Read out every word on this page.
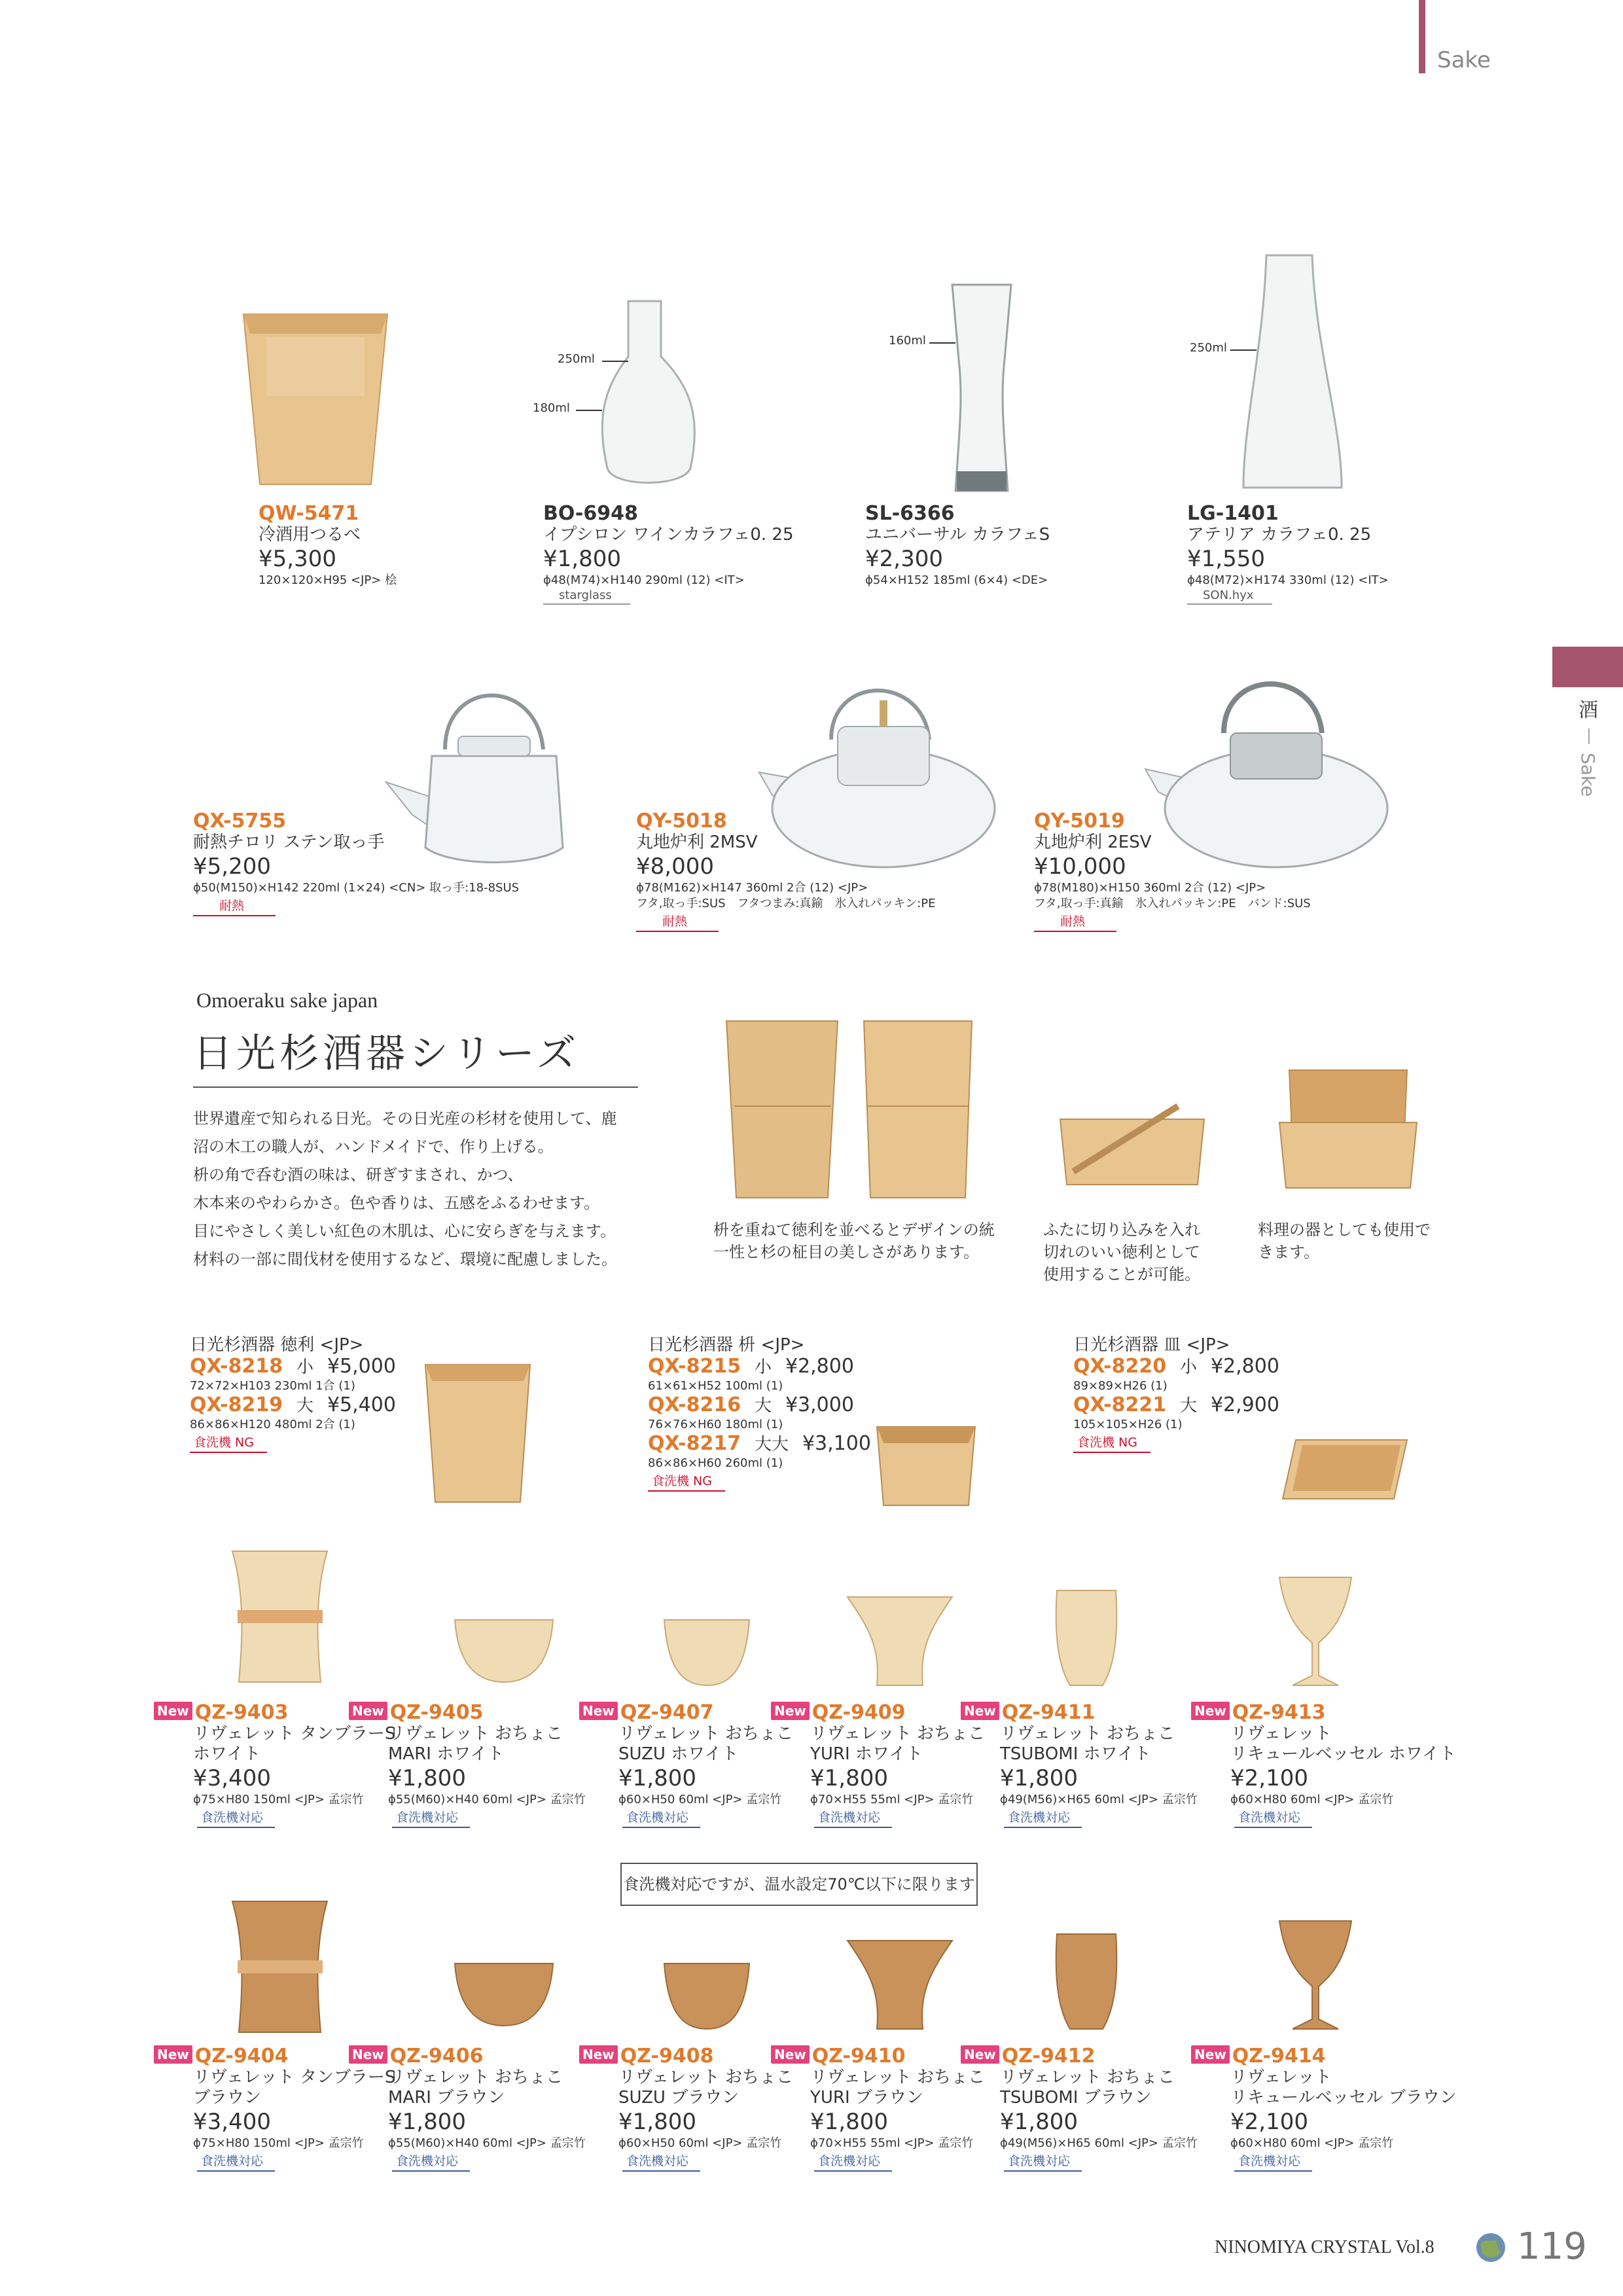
Sake
酒
—
Sake
250ml
180ml
160ml
250ml
QW-5471
冷酒用つるべ
¥5,300
120×120×H95 <JP> 桧
BO-6948
イプシロン ワインカラフェ0. 25
¥1,800
ϕ48(M74)×H140 290ml (12) <IT>
starglass
SL-6366
ユニバーサル カラフェS
¥2,300
ϕ54×H152 185ml (6×4) <DE>
LG-1401
アテリア カラフェ0. 25
¥1,550
ϕ48(M72)×H174 330ml (12) <IT>
SON.hyx
QX-5755
耐熱チロリ ステン取っ手
¥5,200
ϕ50(M150)×H142 220ml (1×24) <CN> 取っ手:18-8SUS
耐熱
QY-5018
丸地炉利 2MSV
¥8,000
ϕ78(M162)×H147 360ml 2合 (12) <JP>
フタ,取っ手:SUS　フタつまみ:真鍮　氷入れパッキン:PE
耐熱
QY-5019
丸地炉利 2ESV
¥10,000
ϕ78(M180)×H150 360ml 2合 (12) <JP>
フタ,取っ手:真鍮　氷入れパッキン:PE　バンド:SUS
耐熱
Omoeraku sake japan
日光杉酒器シリーズ
世界遺産で知られる日光。その日光産の杉材を使用して、鹿
沼の木工の職人が、ハンドメイドで、作り上げる。
枡の角で呑む酒の味は、研ぎすまされ、かつ、
木本来のやわらかさ。色や香りは、五感をふるわせます。
目にやさしく美しい紅色の木肌は、心に安らぎを与えます。
材料の一部に間伐材を使用するなど、環境に配慮しました。
枡を重ねて徳利を並べるとデザインの統
一性と杉の柾目の美しさがあります。
ふたに切り込みを入れ
切れのいい徳利として
使用することが可能。
料理の器としても使用で
きます。
日光杉酒器 徳利 <JP>
QX-8218 小 ¥5,000
72×72×H103 230ml 1合 (1)
QX-8219 大 ¥5,400
86×86×H120 480ml 2合 (1)
食洗機 NG
日光杉酒器 枡 <JP>
QX-8215 小 ¥2,800
61×61×H52 100ml (1)
QX-8216 大 ¥3,000
76×76×H60 180ml (1)
QX-8217 大大 ¥3,100
86×86×H60 260ml (1)
食洗機 NG
日光杉酒器 皿 <JP>
QX-8220 小 ¥2,800
89×89×H26 (1)
QX-8221 大 ¥2,900
105×105×H26 (1)
食洗機 NG
New QZ-9403
リヴェレット タンブラーS
ホワイト
¥3,400
ϕ75×H80 150ml <JP> 孟宗竹
食洗機対応
New QZ-9405
リヴェレット おちょこ
MARI ホワイト
¥1,800
ϕ55(M60)×H40 60ml <JP> 孟宗竹
食洗機対応
New QZ-9407
リヴェレット おちょこ
SUZU ホワイト
¥1,800
ϕ60×H50 60ml <JP> 孟宗竹
食洗機対応
New QZ-9409
リヴェレット おちょこ
YURI ホワイト
¥1,800
ϕ70×H55 55ml <JP> 孟宗竹
食洗機対応
New QZ-9411
リヴェレット おちょこ
TSUBOMI ホワイト
¥1,800
ϕ49(M56)×H65 60ml <JP> 孟宗竹
食洗機対応
New QZ-9413
リヴェレット
リキュールベッセル ホワイト
¥2,100
ϕ60×H80 60ml <JP> 孟宗竹
食洗機対応
食洗機対応ですが、温水設定70℃以下に限ります
New QZ-9404
リヴェレット タンブラーS
ブラウン
¥3,400
ϕ75×H80 150ml <JP> 孟宗竹
食洗機対応
New QZ-9406
リヴェレット おちょこ
MARI ブラウン
¥1,800
ϕ55(M60)×H40 60ml <JP> 孟宗竹
食洗機対応
New QZ-9408
リヴェレット おちょこ
SUZU ブラウン
¥1,800
ϕ60×H50 60ml <JP> 孟宗竹
食洗機対応
New QZ-9410
リヴェレット おちょこ
YURI ブラウン
¥1,800
ϕ70×H55 55ml <JP> 孟宗竹
食洗機対応
New QZ-9412
リヴェレット おちょこ
TSUBOMI ブラウン
¥1,800
ϕ49(M56)×H65 60ml <JP> 孟宗竹
食洗機対応
New QZ-9414
リヴェレット
リキュールベッセル ブラウン
¥2,100
ϕ60×H80 60ml <JP> 孟宗竹
食洗機対応
NINOMIYA CRYSTAL Vol.8 119
